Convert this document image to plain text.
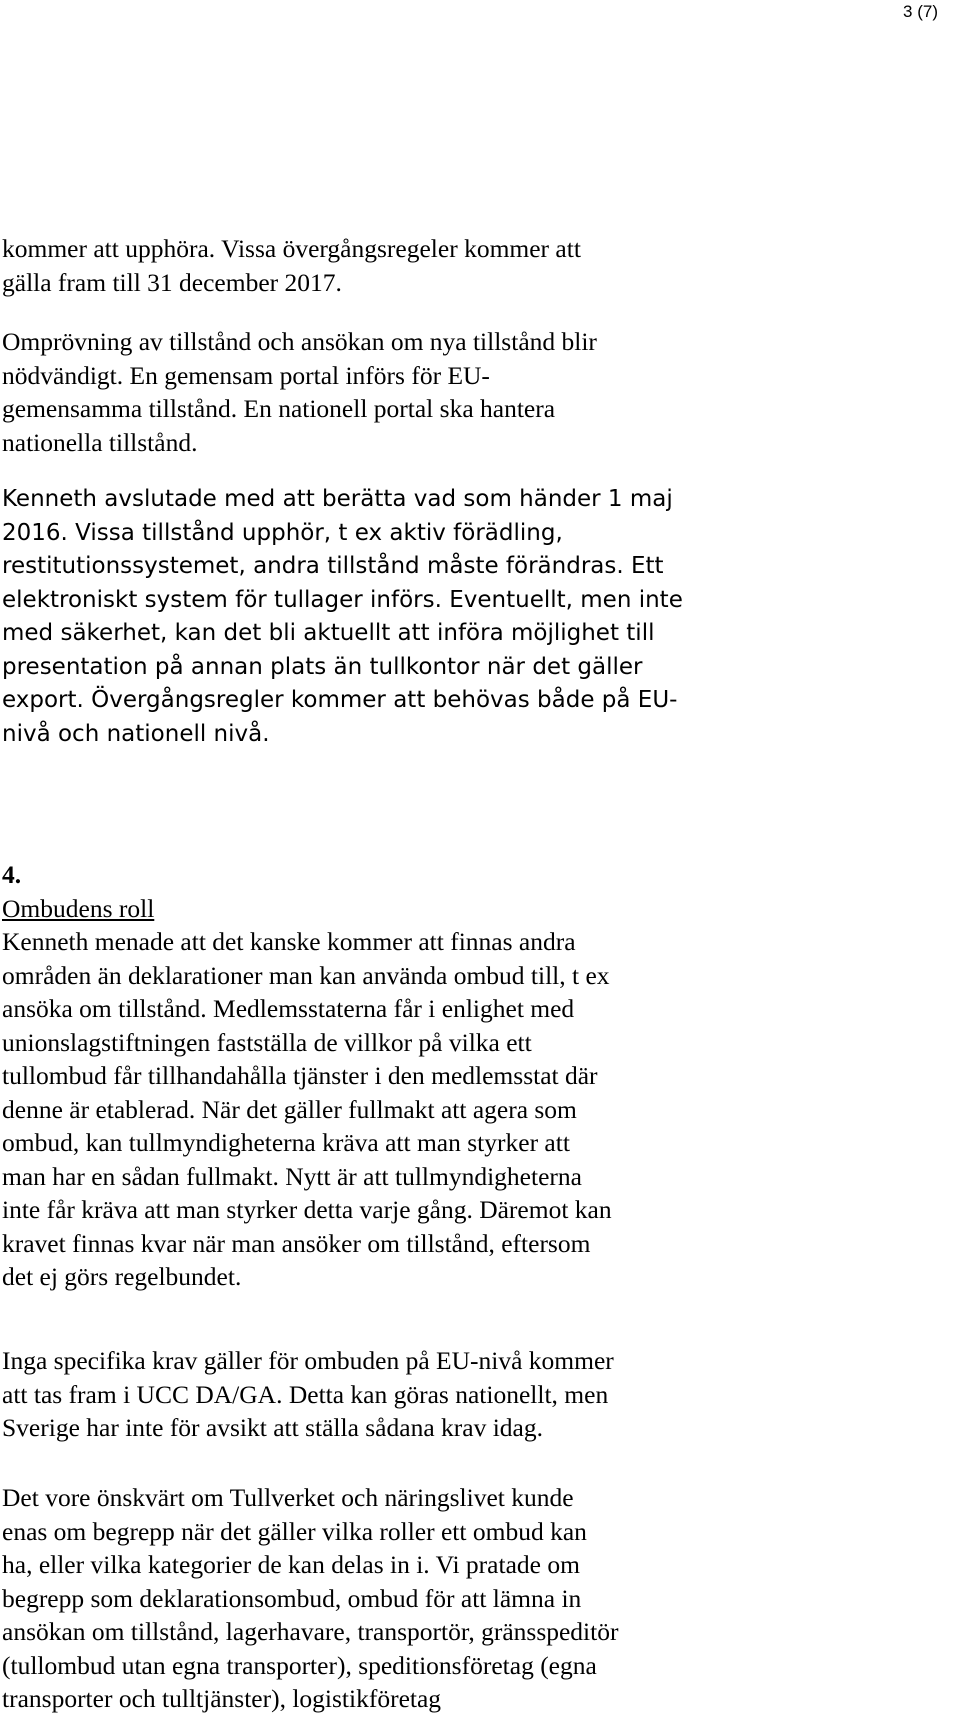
3 (7)
kommer att upphöra. Vissa övergångsregeler kommer att
gälla fram till 31 december 2017.
Omprövning av tillstånd och ansökan om nya tillstånd blir
nödvändigt. En gemensam portal införs för EU-
gemensamma tillstånd. En nationell portal ska hantera
nationella tillstånd.
Kenneth avslutade med att berätta vad som händer 1 maj
2016. Vissa tillstånd upphör, t ex aktiv förädling,
restitutionssystemet, andra tillstånd måste förändras. Ett
elektroniskt system för tullager införs. Eventuellt, men inte
med säkerhet, kan det bli aktuellt att införa möjlighet till
presentation på annan plats än tullkontor när det gäller
export. Övergångsregler kommer att behövas både på EU-
nivå och nationell nivå.
4.
Ombudens roll
Kenneth menade att det kanske kommer att finnas andra
områden än deklarationer man kan använda ombud till, t ex
ansöka om tillstånd. Medlemsstaterna får i enlighet med
unionslagstiftningen fastställa de villkor på vilka ett
tullombud får tillhandahålla tjänster i den medlemsstat där
denne är etablerad. När det gäller fullmakt att agera som
ombud, kan tullmyndigheterna kräva att man styrker att
man har en sådan fullmakt. Nytt är att tullmyndigheterna
inte får kräva att man styrker detta varje gång. Däremot kan
kravet finnas kvar när man ansöker om tillstånd, eftersom
det ej görs regelbundet.
Inga specifika krav gäller för ombuden på EU-nivå kommer
att tas fram i UCC DA/GA. Detta kan göras nationellt, men
Sverige har inte för avsikt att ställa sådana krav idag.
Det vore önskvärt om Tullverket och näringslivet kunde
enas om begrepp när det gäller vilka roller ett ombud kan
ha, eller vilka kategorier de kan delas in i. Vi pratade om
begrepp som deklarationsombud, ombud för att lämna in
ansökan om tillstånd, lagerhavare, transportör, gränsspeditör
(tullombud utan egna transporter), speditionsföretag (egna
transporter och tulltjänster), logistikföretag
